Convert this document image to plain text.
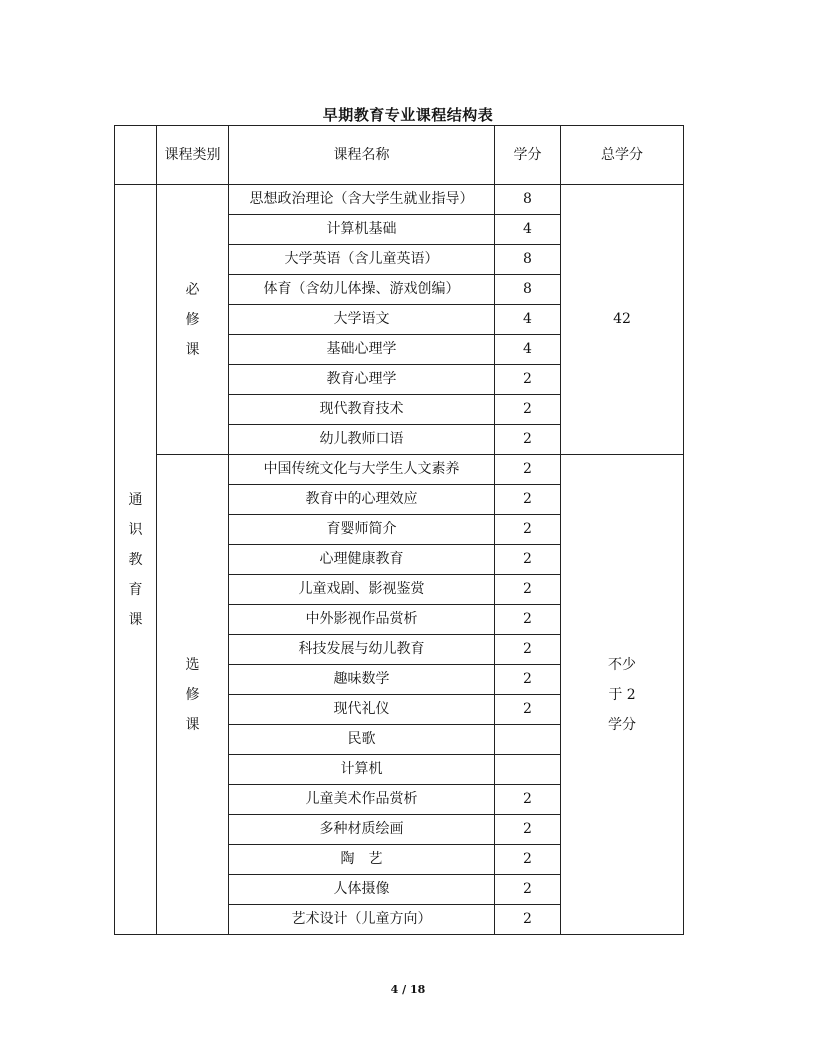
早期教育专业课程结构表
	课程类别	课程名称	学分	总学分
通识教育课	必修课	思想政治理论（含大学生就业指导）	8	42
		计算机基础	4	
		大学英语（含儿童英语）	8	
		体育（含幼儿体操、游戏创编）	8	
		大学语文	4	
		基础心理学	4	
		教育心理学	2	
		现代教育技术	2	
		幼儿教师口语	2	
	选修课	中国传统文化与大学生人文素养	2	不少于 2 学分
		教育中的心理效应	2	
		育婴师简介	2	
		心理健康教育	2	
		儿童戏剧、影视鉴赏	2	
		中外影视作品赏析	2	
		科技发展与幼儿教育	2	
		趣味数学	2	
		现代礼仪	2	
		民歌		
		计算机		
		儿童美术作品赏析	2	
		多种材质绘画	2	
		陶　艺	2	
		人体摄像	2	
		艺术设计（儿童方向）	2	
4 / 18
